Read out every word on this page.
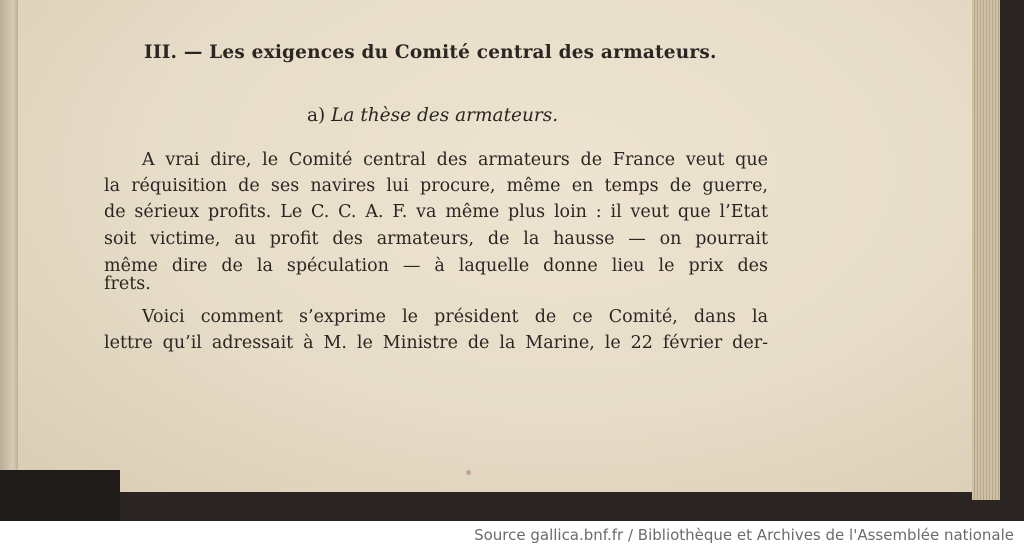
III. — Les exigences du Comité central des armateurs.
a) La thèse des armateurs.
A vrai dire, le Comité central des armateurs de France veut que
la réquisition de ses navires lui procure, même en temps de guerre,
de sérieux profits. Le C. C. A. F. va même plus loin : il veut que l’Etat
soit victime, au profit des armateurs, de la hausse — on pourrait
même dire de la spéculation — à laquelle donne lieu le prix des
frets.
Voici comment s’exprime le président de ce Comité, dans la
lettre qu’il adressait à M. le Ministre de la Marine, le 22 février der-
Source gallica.bnf.fr / Bibliothèque et Archives de l'Assemblée nationale
